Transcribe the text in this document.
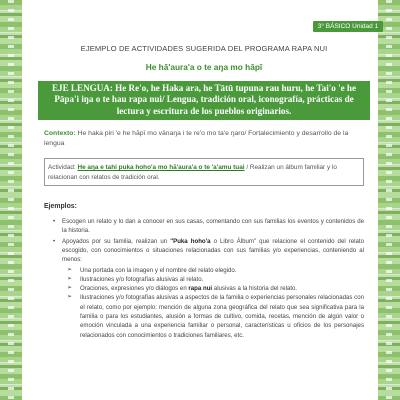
3° BÁSICO Unidad 1
EJEMPLO DE ACTIVIDADES SUGERIDA DEL PROGRAMA RAPA NUI
He hā'aura'a o te aŋa mo hāpī
EJE LENGUA: He Re'o, he Haka ara, he Tātū tupuna rau huru, he Tai'o 'e he Pāpa'i iŋa o te hau rapa nui/ Lengua, tradición oral, iconografía, prácticas de lectura y escritura de los pueblos originarios.
Contexto: He haka piri 'e he hāpī mo vānaŋa i te re'o mo ta'e ŋaro/ Fortalecimiento y desarrollo de la lengua
Actividad: He aŋa e tahi puka hoho'a mo hā'aura'a o te 'a'amu tuai / Realizan un álbum familiar y lo relacionan con relatos de tradición oral.
Ejemplos:
• Escogen un relato y lo dan a conocer en sus casas, comentando con sus familias los eventos y contenidos de la historia.
• Apoyados por su familia, realizan un "Puka hoho'a o Libro Álbum" que relacione el contenido del relato escogido, con conocimientos o situaciones relacionadas con sus familias y/o experiencias, conteniendo al menos:
➢ Una portada con la imagen y el nombre del relato elegido.
➢ Ilustraciones y/o fotografías alusivas al relato.
➢ Oraciones, expresiones y/o diálogos en rapa nui alusivas a la historia del relato.
➢ Ilustraciones y/o fotografías alusivas a aspectos de la familia o experiencias personales relacionadas con el relato, como por ejemplo: mención de alguna zona geográfica del relato que sea significativa para la familia o para los estudiantes, alusión a formas de cultivo, comida, recetas, mención de algún valor o emoción vinculada a una experiencia familiar o personal, características u oficios de los personajes relacionados con conocimientos o tradiciones familiares, etc.
